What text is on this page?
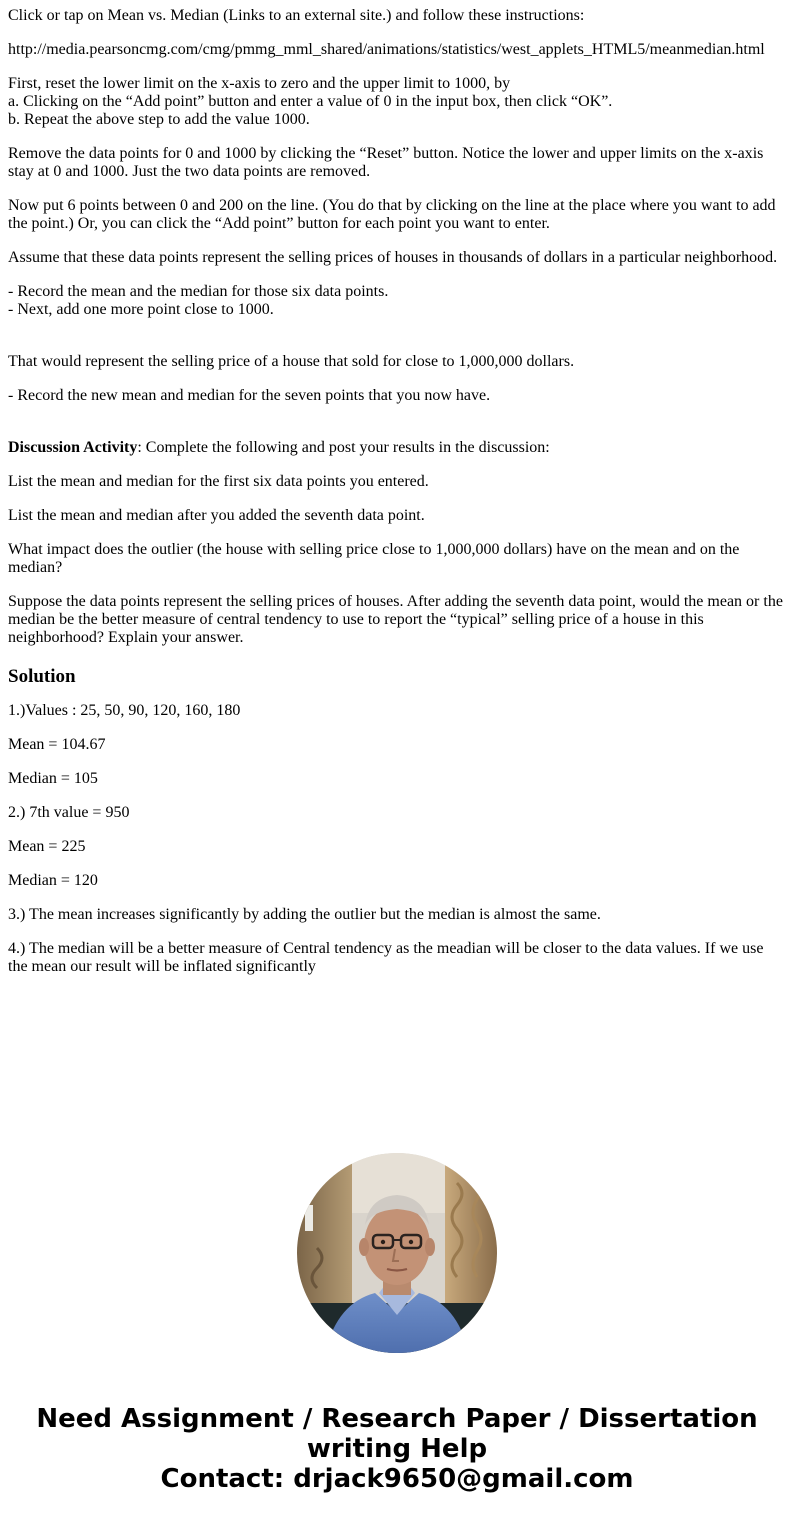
Click or tap on Mean vs. Median (Links to an external site.) and follow these instructions:

http://media.pearsoncmg.com/cmg/pmmg_mml_shared/animations/statistics/west_applets_HTML5/meanmedian.html

First, reset the lower limit on the x-axis to zero and the upper limit to 1000, by
a. Clicking on the “Add point” button and enter a value of 0 in the input box, then click “OK”.
b. Repeat the above step to add the value 1000.

Remove the data points for 0 and 1000 by clicking the “Reset” button. Notice the lower and upper limits on the x-axis stay at 0 and 1000. Just the two data points are removed.

Now put 6 points between 0 and 200 on the line. (You do that by clicking on the line at the place where you want to add the point.) Or, you can click the “Add point” button for each point you want to enter.

Assume that these data points represent the selling prices of houses in thousands of dollars in a particular neighborhood.

- Record the mean and the median for those six data points.
- Next, add one more point close to 1000.

That would represent the selling price of a house that sold for close to 1,000,000 dollars.

- Record the new mean and median for the seven points that you now have.

Discussion Activity: Complete the following and post your results in the discussion:

List the mean and median for the first six data points you entered.

List the mean and median after you added the seventh data point.

What impact does the outlier (the house with selling price close to 1,000,000 dollars) have on the mean and on the median?

Suppose the data points represent the selling prices of houses. After adding the seventh data point, would the mean or the median be the better measure of central tendency to use to report the “typical” selling price of a house in this neighborhood? Explain your answer.

Solution

1.)Values : 25, 50, 90, 120, 160, 180

Mean = 104.67

Median = 105

2.) 7th value = 950

Mean = 225

Median = 120

3.) The mean increases significantly by adding the outlier but the median is almost the same.

4.) The median will be a better measure of Central tendency as the meadian will be closer to the data values. If we use the mean our result will be inflated significantly

Need Assignment / Research Paper / Dissertation
writing Help
Contact: drjack9650@gmail.com
